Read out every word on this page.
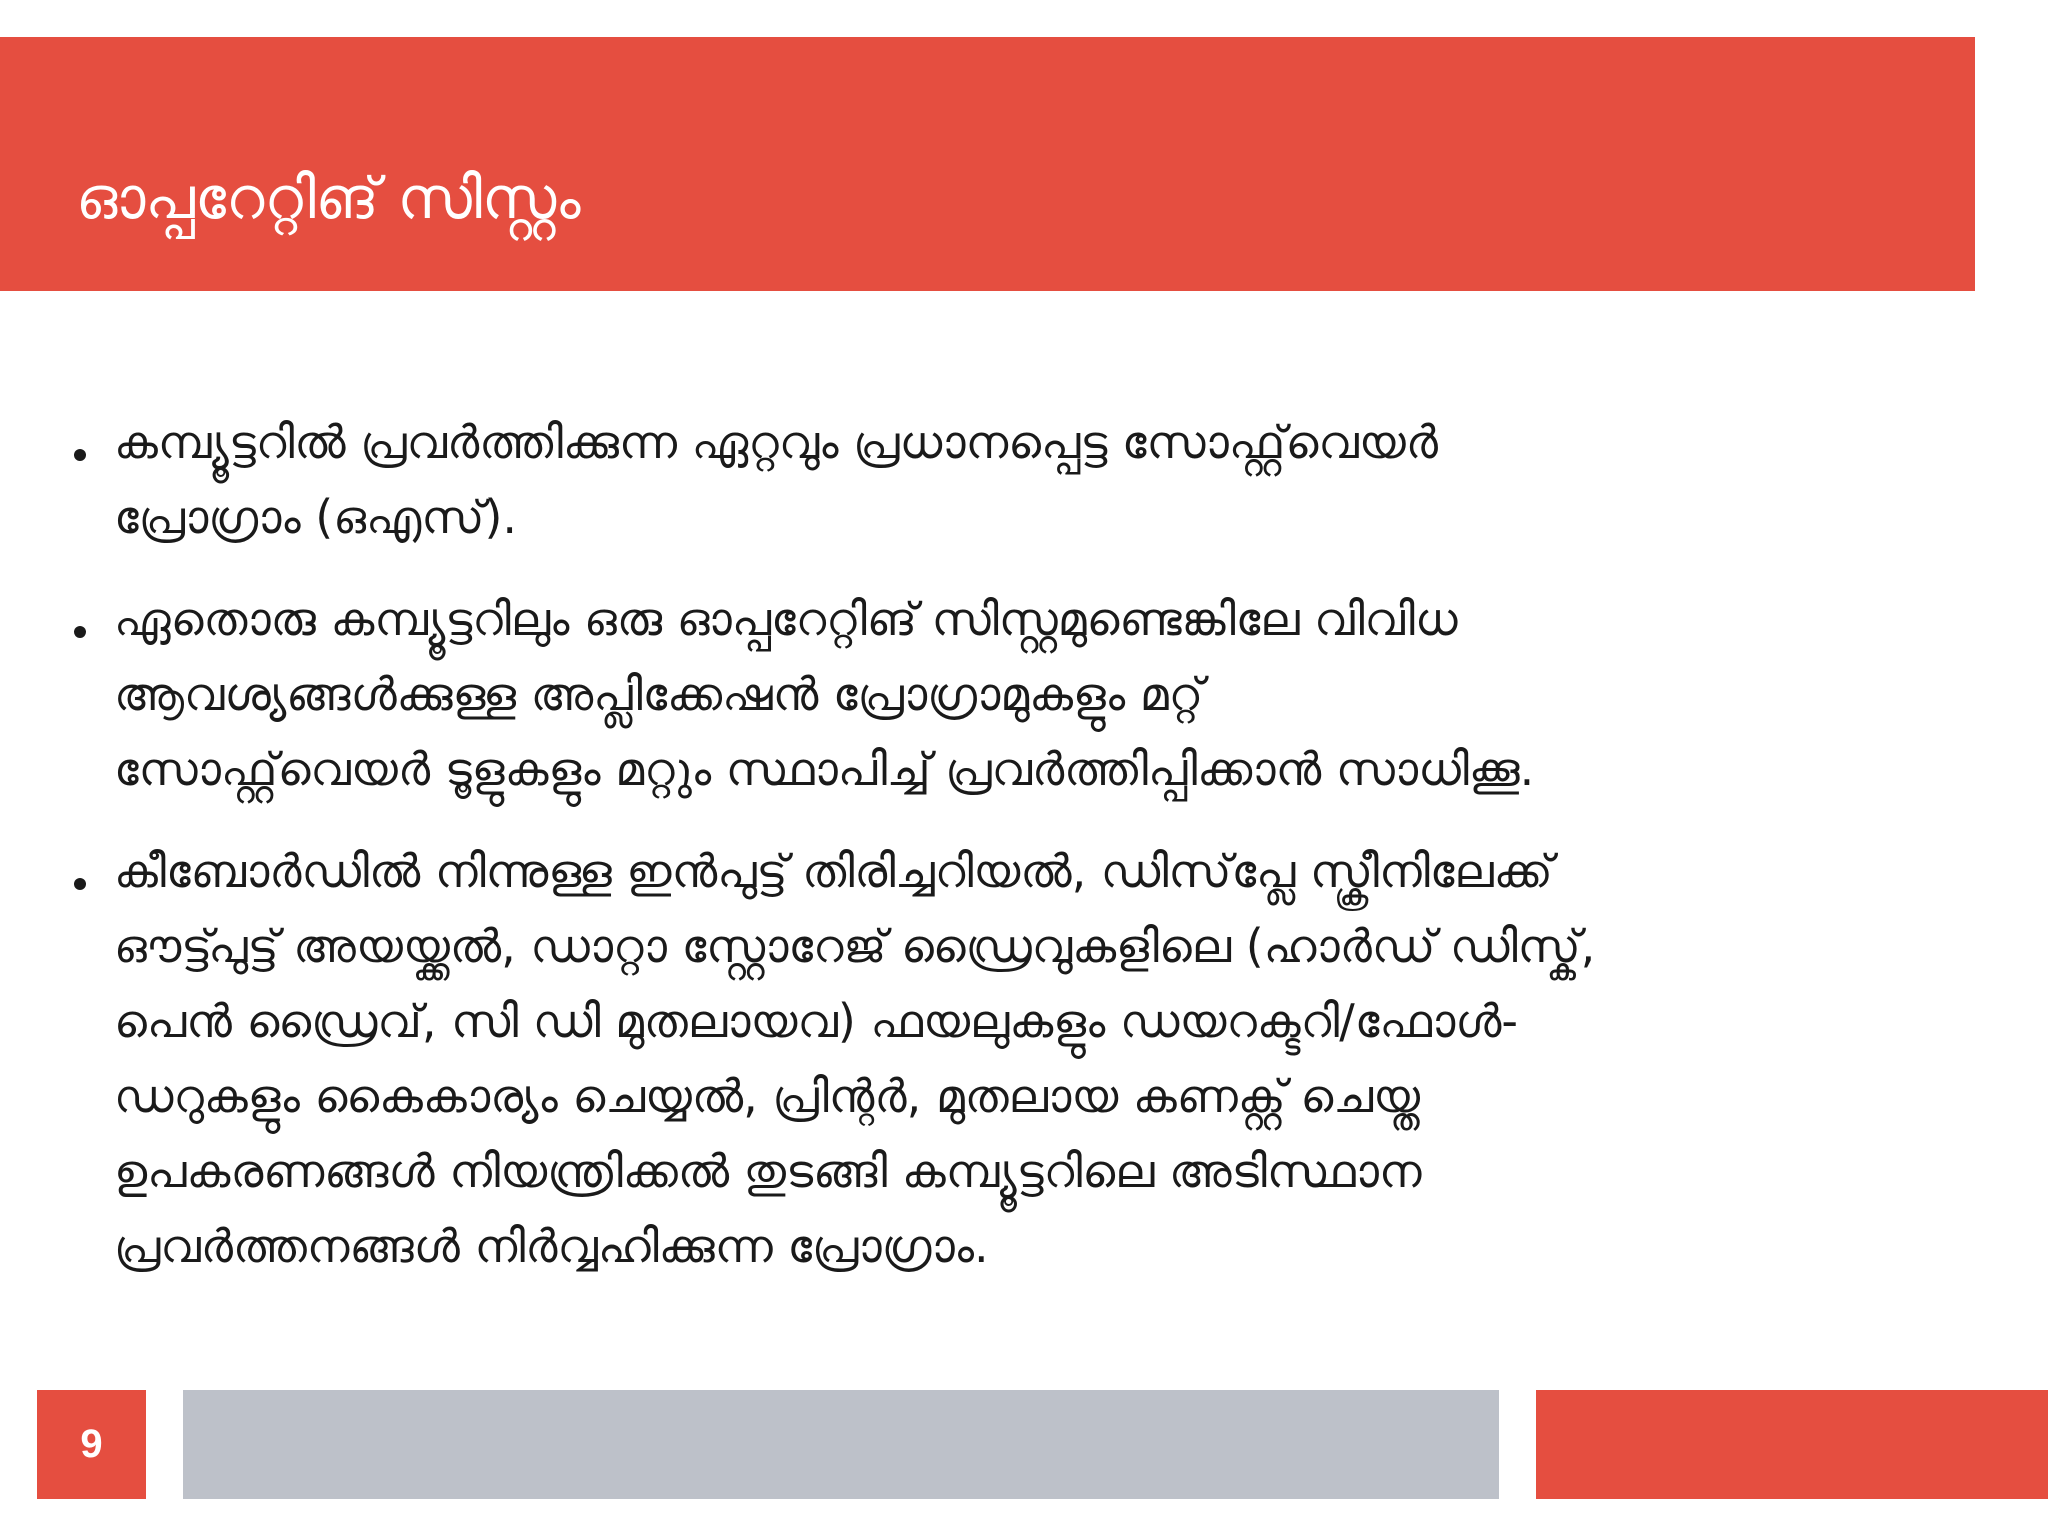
ഓപ്പറേറ്റിങ് സിസ്റ്റം
കമ്പ്യൂട്ടറിൽ പ്രവർത്തിക്കുന്ന ഏറ്റവും പ്രധാനപ്പെട്ട സോഫ്റ്റ്‌വെയർ
പ്രോഗ്രാം (ഒഎസ്).
ഏതൊരു കമ്പ്യൂട്ടറിലും ഒരു ഓപ്പറേറ്റിങ് സിസ്റ്റമുണ്ടെങ്കിലേ വിവിധ
ആവശ്യങ്ങൾക്കുള്ള അപ്ലിക്കേഷൻ പ്രോഗ്രാമുകളും മറ്റ്
സോഫ്റ്റ്‌വെയർ ടൂളുകളും മറ്റും സ്ഥാപിച്ച് പ്രവർത്തിപ്പിക്കാൻ സാധിക്കൂ.
കീബോർഡിൽ നിന്നുള്ള ഇൻപുട്ട് തിരിച്ചറിയൽ, ഡിസ്‌പ്ലേ സ്ക്രീനിലേക്ക്
ഔട്ട്പുട്ട് അയയ്ക്കൽ, ഡാറ്റാ സ്റ്റോറേജ് ഡ്രൈവുകളിലെ (ഹാർഡ് ഡിസ്ക്,
പെൻ ഡ്രൈവ്, സി ഡി മുതലായവ) ഫയലുകളും ഡയറക്ടറി/ഫോൾ-
ഡറുകളും കൈകാര്യം ചെയ്യൽ, പ്രിന്റർ, മുതലായ കണക്റ്റ് ചെയ്ത
ഉപകരണങ്ങൾ നിയന്ത്രിക്കൽ തുടങ്ങി കമ്പ്യൂട്ടറിലെ അടിസ്ഥാന
പ്രവർത്തനങ്ങൾ നിർവ്വഹിക്കുന്ന പ്രോഗ്രാം.
9
